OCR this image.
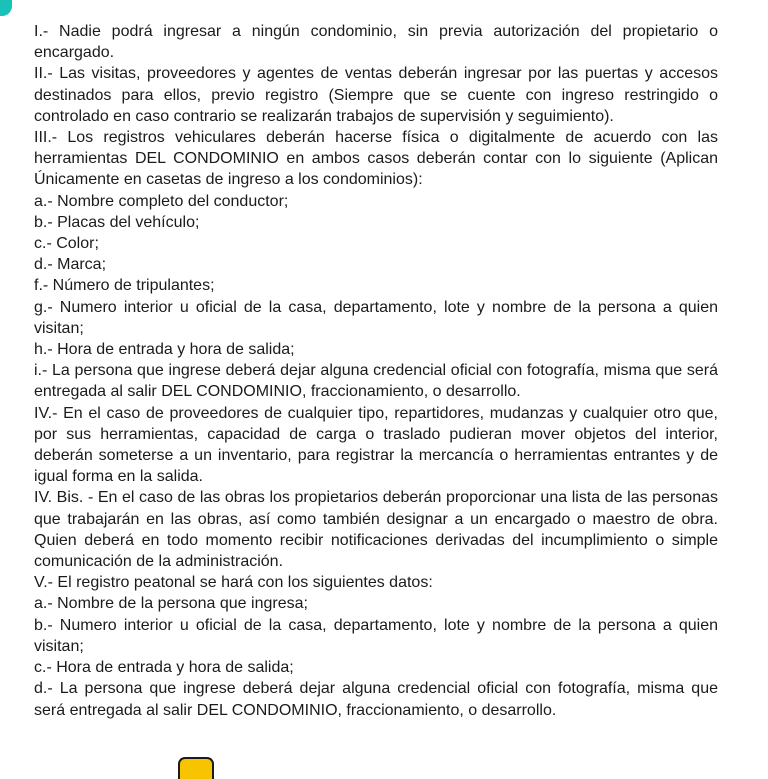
I.- Nadie podrá ingresar a ningún condominio, sin previa autorización del propietario o encargado.

II.- Las visitas, proveedores y agentes de ventas deberán ingresar por las puertas y accesos destinados para ellos, previo registro (Siempre que se cuente con ingreso restringido o controlado en caso contrario se realizarán trabajos de supervisión y seguimiento).

III.- Los registros vehiculares deberán hacerse física o digitalmente de acuerdo con las herramientas DEL CONDOMINIO en ambos casos deberán contar con lo siguiente (Aplican Únicamente en casetas de ingreso a los condominios):

a.- Nombre completo del conductor;

b.- Placas del vehículo;

c.- Color;

d.- Marca;

f.- Número de tripulantes;

g.- Numero interior u oficial de la casa, departamento, lote y nombre de la persona a quien visitan;

h.- Hora de entrada y hora de salida;

i.- La persona que ingrese deberá dejar alguna credencial oficial con fotografía, misma que será entregada al salir DEL CONDOMINIO, fraccionamiento, o desarrollo.

IV.- En el caso de proveedores de cualquier tipo, repartidores, mudanzas y cualquier otro que, por sus herramientas, capacidad de carga o traslado pudieran mover objetos del interior, deberán someterse a un inventario, para registrar la mercancía o herramientas entrantes y de igual forma en la salida.

IV. Bis. - En el caso de las obras los propietarios deberán proporcionar una lista de las personas que trabajarán en las obras, así como también designar a un encargado o maestro de obra. Quien deberá en todo momento recibir notificaciones derivadas del incumplimiento o simple comunicación de la administración.

V.- El registro peatonal se hará con los siguientes datos:

a.- Nombre de la persona que ingresa;

b.- Numero interior u oficial de la casa, departamento, lote y nombre de la persona a quien visitan;

c.- Hora de entrada y hora de salida;

d.- La persona que ingrese deberá dejar alguna credencial oficial con fotografía, misma que será entregada al salir DEL CONDOMINIO, fraccionamiento, o desarrollo.
